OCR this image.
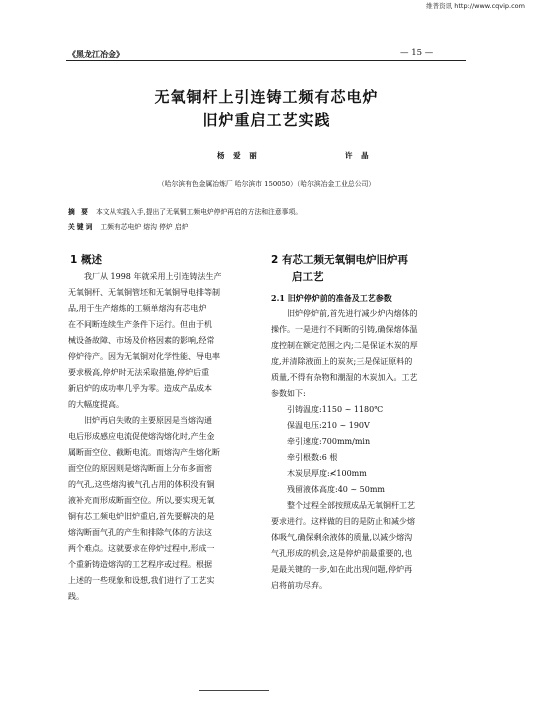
维普资讯 http://www.cqvip.com
《黑龙江冶金》	— 15 —
无氧铜杆上引连铸工频有芯电炉
旧炉重启工艺实践
杨 爱 丽	许 晶
（哈尔滨有色金属冶炼厂 哈尔滨市 150050）（哈尔滨冶金工业总公司）
摘 要 本文从实践入手,提出了无氧铜工频电炉停炉再启的方法和注意事项。
关键词 工频有芯电炉 熔沟 停炉 启炉
1 概述

我厂从 1998 年就采用上引连铸法生产

无氧铜杆、无氧铜管坯和无氧铜导电排等制

品,用于生产熔炼的工频单熔沟有芯电炉

在不间断连续生产条件下运行。但由于机

械设备故障、市场及价格因素的影响,经常

停炉待产。因为无氧铜对化学性能、导电率

要求极高,停炉时无法采取措施,停炉后重

新启炉的成功率几乎为零。造成产品成本

的大幅度提高。

旧炉再启失败的主要原因是当熔沟通

电后形成感应电流促使熔沟熔化时,产生金

属断面空位、截断电流。而熔沟产生熔化断

面空位的原因则是熔沟断面上分布多面密

的气孔,这些熔沟被气孔占用的体积没有铜

液补充而形成断面空位。所以,要实现无氧

铜有芯工频电炉旧炉重启,首先要解决的是

熔沟断面气孔的产生和排除气体的方法这

两个难点。这就要求在停炉过程中,形成一

个重新铸造熔沟的工艺程序或过程。根据

上述的一些现象和设想,我们进行了工艺实

践。

2 有芯工频无氧铜电炉旧炉再
启工艺

2.1 旧炉停炉前的准备及工艺参数

旧炉停炉前,首先进行减少炉内熔体的

操作。一是进行不间断的引铸,确保熔体温

度控制在额定范围之内;二是保证木炭的厚

度,并清除液面上的炭灰;三是保证原料的

质量,不得有杂物和潮湿的木炭加入。工艺

参数如下:

引铸温度:1150 ~ 1180℃

保温电压:210 ~ 190V

牵引速度:700mm/min

牵引根数:6 根

木炭层厚度:≮100mm

残留液体高度:40 ~ 50mm

整个过程全部按照成品无氧铜杆工艺

要求进行。这样做的目的是防止和减少熔

体吸气,确保剩余液体的质量,以减少熔沟

气孔形成的机会,这是停炉前最重要的,也

是最关键的一步,如在此出现问题,停炉再

启将前功尽弃。
